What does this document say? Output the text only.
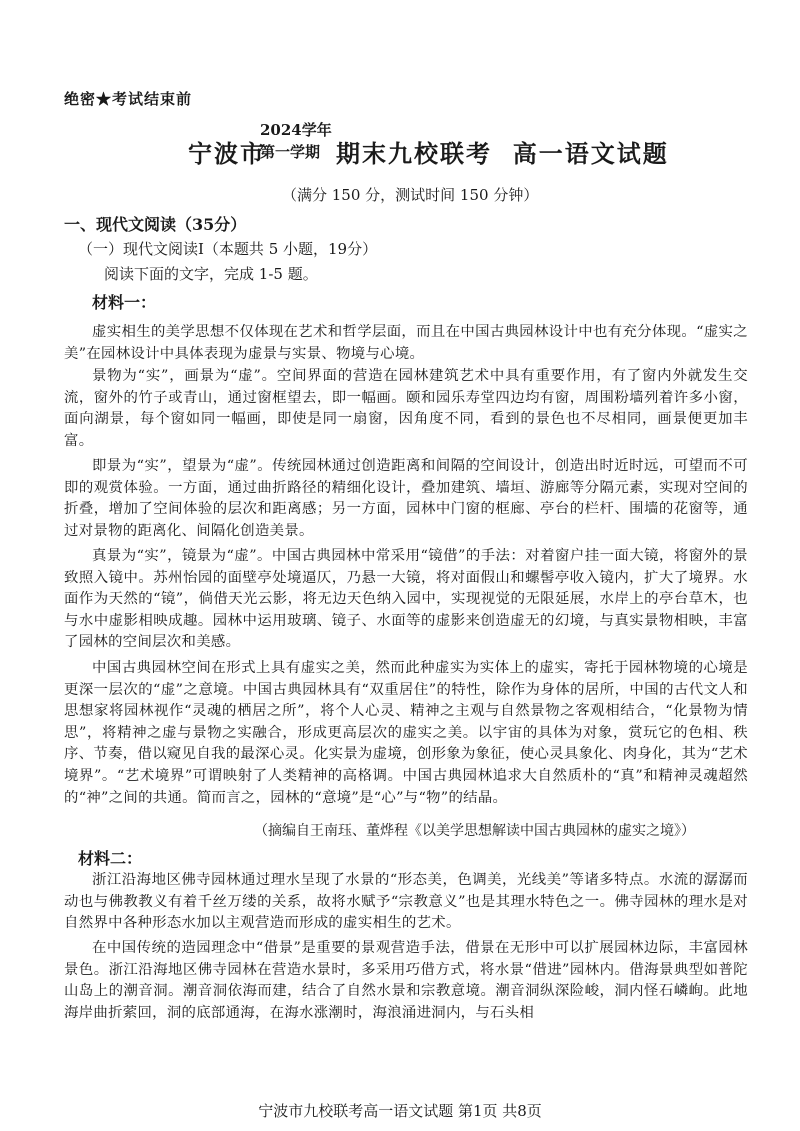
绝密★考试结束前
宁波市
2024学年
第一学期 期末九校联考  高一语文试题
（满分 150 分，测试时间 150 分钟）
一、现代文阅读（35分）
（一）现代文阅读Ⅰ（本题共 5 小题，19分）
阅读下面的文字，完成 1-5 题。
材料一：

虚实相生的美学思想不仅体现在艺术和哲学层面，而且在中国古典园林设计中也有充分体现。“虚实之美”在园林设计中具体表现为虚景与实景、物境与心境。

景物为“实”，画景为“虚”。空间界面的营造在园林建筑艺术中具有重要作用，有了窗内外就发生交流，窗外的竹子或青山，通过窗框望去，即一幅画。颐和园乐寿堂四边均有窗，周围粉墙列着许多小窗，面向湖景，每个窗如同一幅画，即使是同一扇窗，因角度不同，看到的景色也不尽相同，画景便更加丰富。

即景为“实”，望景为“虚”。传统园林通过创造距离和间隔的空间设计，创造出时近时远，可望而不可即的观赏体验。一方面，通过曲折路径的精细化设计，叠加建筑、墙垣、游廊等分隔元素，实现对空间的折叠，增加了空间体验的层次和距离感；另一方面，园林中门窗的框廊、亭台的栏杆、围墙的花窗等，通过对景物的距离化、间隔化创造美景。

真景为“实”，镜景为“虚”。中国古典园林中常采用“镜借”的手法：对着窗户挂一面大镜，将窗外的景致照入镜中。苏州怡园的面壁亭处境逼仄，乃悬一大镜，将对面假山和螺髻亭收入镜内，扩大了境界。水面作为天然的“镜”，倘借天光云影，将无边天色纳入园中，实现视觉的无限延展，水岸上的亭台草木，也与水中虚影相映成趣。园林中运用玻璃、镜子、水面等的虚影来创造虚无的幻境，与真实景物相映，丰富了园林的空间层次和美感。

中国古典园林空间在形式上具有虚实之美，然而此种虚实为实体上的虚实，寄托于园林物境的心境是更深一层次的“虚”之意境。中国古典园林具有“双重居住”的特性，除作为身体的居所，中国的古代文人和思想家将园林视作“灵魂的栖居之所”，将个人心灵、精神之主观与自然景物之客观相结合，“化景物为情思”，将精神之虚与景物之实融合，形成更高层次的虚实之美。以宇宙的具体为对象，赏玩它的色相、秩序、节奏，借以窥见自我的最深心灵。化实景为虚境，创形象为象征，使心灵具象化、肉身化，其为“艺术境界”。“艺术境界”可谓映射了人类精神的高格调。中国古典园林追求大自然质朴的“真”和精神灵魂超然的“神”之间的共通。简而言之，园林的“意境”是“心”与“物”的结晶。

（摘编自王南珏、董烨程《以美学思想解读中国古典园林的虚实之境》）
材料二：

浙江沿海地区佛寺园林通过理水呈现了水景的“形态美，色调美，光线美”等诸多特点。水流的潺潺而动也与佛教教义有着千丝万缕的关系，故将水赋予“宗教意义”也是其理水特色之一。佛寺园林的理水是对自然界中各种形态水加以主观营造而形成的虚实相生的艺术。

在中国传统的造园理念中“借景”是重要的景观营造手法，借景在无形中可以扩展园林边际，丰富园林景色。浙江沿海地区佛寺园林在营造水景时，多采用巧借方式，将水景“借进”园林内。借海景典型如普陀山岛上的潮音洞。潮音洞依海而建，结合了自然水景和宗教意境。潮音洞纵深险峻，洞内怪石嶙峋。此地海岸曲折萦回，洞的底部通海，在海水涨潮时，海浪涌进洞内，与石头相

宁波市九校联考高一语文试题 第1页 共8页
